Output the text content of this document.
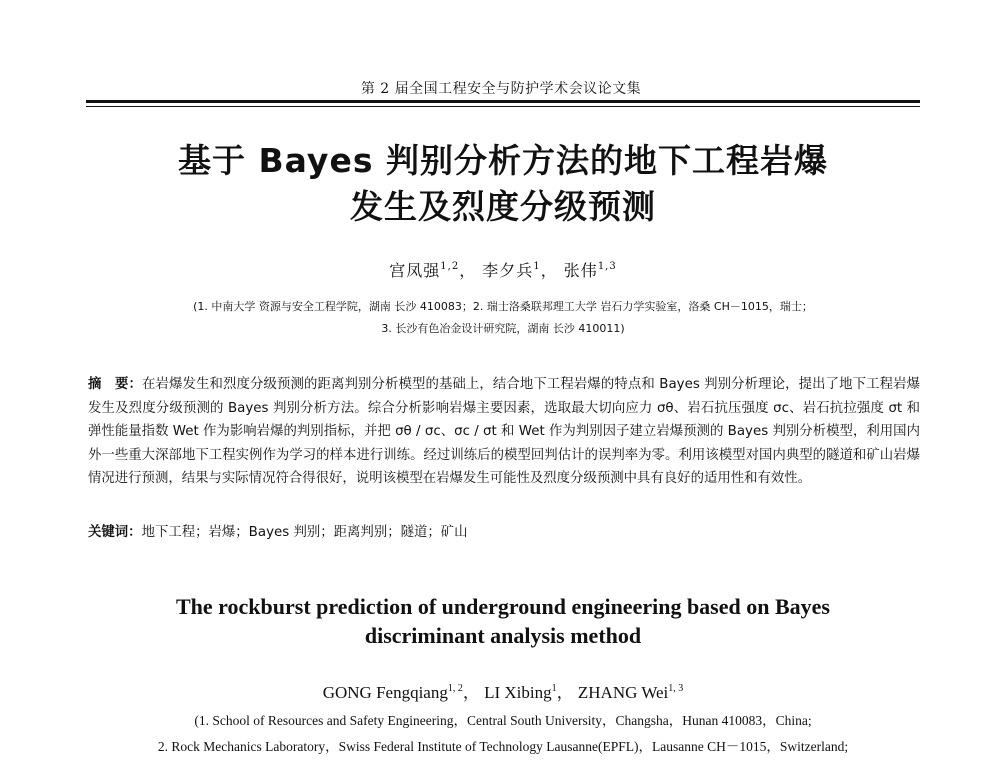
第 2 届全国工程安全与防护学术会议论文集
基于 Bayes 判别分析方法的地下工程岩爆
发生及烈度分级预测
宫凤强$^{1,2}$， 李夕兵$^1$， 张伟$^{1,3}$
(1. 中南大学 资源与安全工程学院，湖南 长沙 410083；2. 瑞士洛桑联邦理工大学 岩石力学实验室，洛桑 CH－1015，瑞士；
3. 长沙有色冶金设计研究院，湖南 长沙 410011)
摘　要：在岩爆发生和烈度分级预测的距离判别分析模型的基础上，结合地下工程岩爆的特点和 Bayes 判别分析理论，提出了地下工程岩爆发生及烈度分级预测的 Bayes 判别分析方法。综合分析影响岩爆主要因素，选取最大切向应力 σθ、岩石抗压强度 σc、岩石抗拉强度 σt 和弹性能量指数 Wet 作为影响岩爆的判别指标，并把 σθ / σc、σc / σt 和 Wet 作为判别因子建立岩爆预测的 Bayes 判别分析模型，利用国内外一些重大深部地下工程实例作为学习的样本进行训练。经过训练后的模型回判估计的误判率为零。利用该模型对国内典型的隧道和矿山岩爆情况进行预测，结果与实际情况符合得很好，说明该模型在岩爆发生可能性及烈度分级预测中具有良好的适用性和有效性。
关键词：地下工程；岩爆；Bayes 判别；距离判别；隧道；矿山
The rockburst prediction of underground engineering based on Bayes
discriminant analysis method
GONG Fengqiang$^{1, 2}$， LI Xibing$^1$， ZHANG Wei$^{1, 3}$
(1. School of Resources and Safety Engineering，Central South University，Changsha，Hunan 410083，China;
2. Rock Mechanics Laboratory，Swiss Federal Institute of Technology Lausanne(EPFL)，Lausanne CH－1015，Switzerland;
